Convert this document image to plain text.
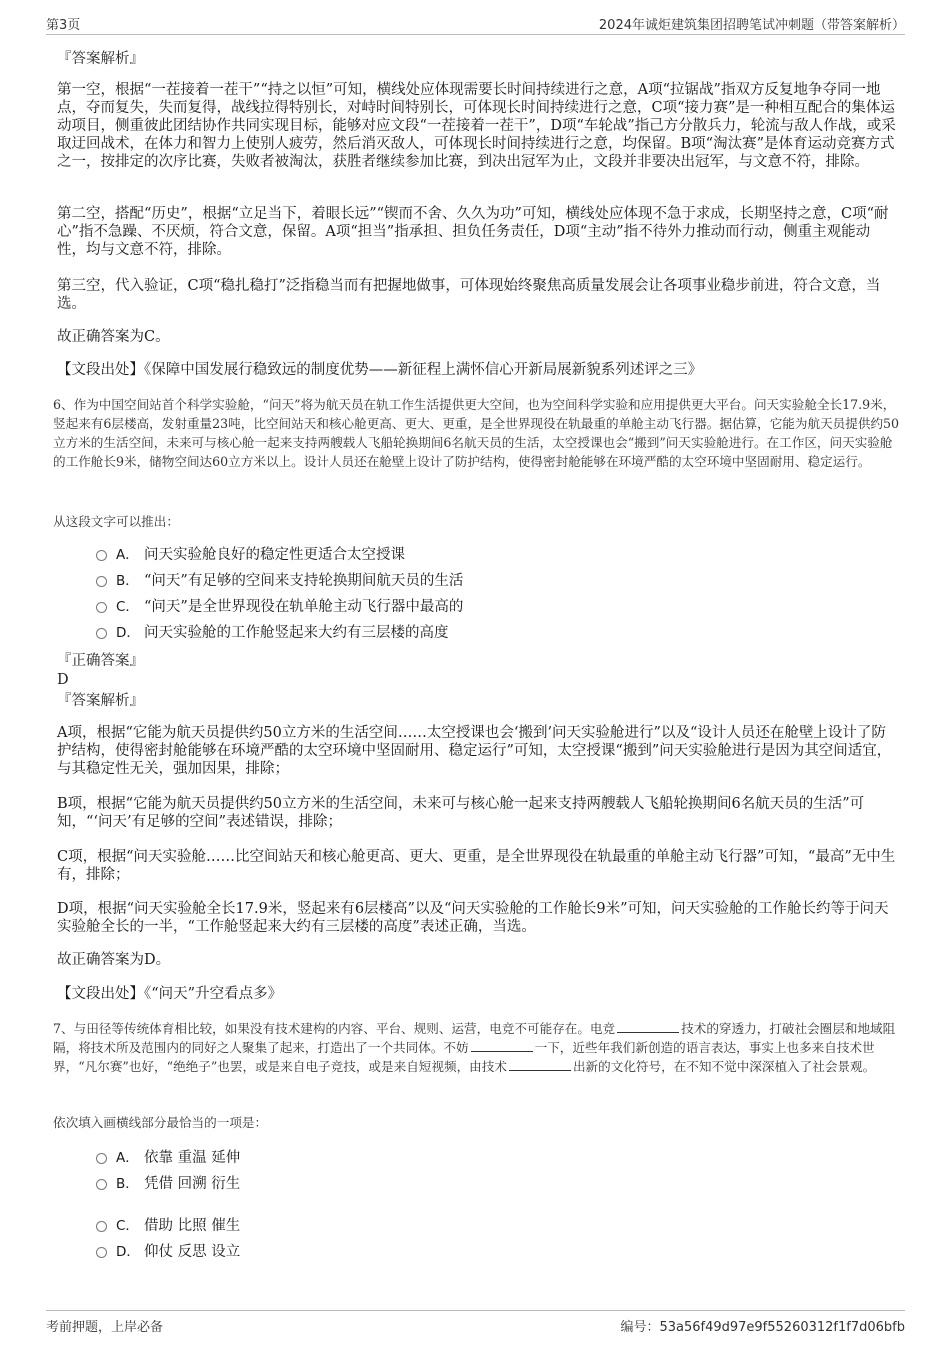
第3页	2024年诚炬建筑集团招聘笔试冲刺题（带答案解析）

『答案解析』

第一空，根据“一茬接着一茬干”“持之以恒”可知，横线处应体现需要长时间持续进行之意，A项“拉锯战”指双方反复地争夺同一地点，夺而复失，失而复得，战线拉得特别长，对峙时间特别长，可体现长时间持续进行之意，C项“接力赛”是一种相互配合的集体运动项目，侧重彼此团结协作共同实现目标，能够对应文段“一茬接着一茬干”，D项“车轮战”指己方分散兵力，轮流与敌人作战，或采取迂回战术，在体力和智力上使别人疲劳，然后消灭敌人，可体现长时间持续进行之意，均保留。B项“淘汰赛”是体育运动竞赛方式之一，按排定的次序比赛，失败者被淘汰，获胜者继续参加比赛，到决出冠军为止，文段并非要决出冠军，与文意不符，排除。

第二空，搭配“历史”，根据“立足当下，着眼长远”“锲而不舍、久久为功”可知，横线处应体现不急于求成，长期坚持之意，C项“耐心”指不急躁、不厌烦，符合文意，保留。A项“担当”指承担、担负任务责任，D项“主动”指不待外力推动而行动，侧重主观能动性，均与文意不符，排除。

第三空，代入验证，C项“稳扎稳打”泛指稳当而有把握地做事，可体现始终聚焦高质量发展会让各项事业稳步前进，符合文意，当选。

故正确答案为C。

【文段出处】《保障中国发展行稳致远的制度优势——新征程上满怀信心开新局展新貌系列述评之三》

6、作为中国空间站首个科学实验舱，“问天”将为航天员在轨工作生活提供更大空间，也为空间科学实验和应用提供更大平台。问天实验舱全长17.9米，竖起来有6层楼高，发射重量23吨，比空间站天和核心舱更高、更大、更重，是全世界现役在轨最重的单舱主动飞行器。据估算，它能为航天员提供约50立方米的生活空间，未来可与核心舱一起来支持两艘载人飞船轮换期间6名航天员的生活，太空授课也会“搬到”问天实验舱进行。在工作区，问天实验舱的工作舱长9米，储物空间达60立方米以上。设计人员还在舱壁上设计了防护结构，使得密封舱能够在环境严酷的太空环境中坚固耐用、稳定运行。

从这段文字可以推出：

A． 问天实验舱良好的稳定性更适合太空授课
B． “问天”有足够的空间来支持轮换期间航天员的生活
C． “问天”是全世界现役在轨单舱主动飞行器中最高的
D． 问天实验舱的工作舱竖起来大约有三层楼的高度

『正确答案』

D

『答案解析』

A项，根据“它能为航天员提供约50立方米的生活空间……太空授课也会‘搬到’问天实验舱进行”以及“设计人员还在舱壁上设计了防护结构，使得密封舱能够在环境严酷的太空环境中坚固耐用、稳定运行”可知，太空授课“搬到”问天实验舱进行是因为其空间适宜，与其稳定性无关，强加因果，排除；

B项，根据“它能为航天员提供约50立方米的生活空间，未来可与核心舱一起来支持两艘载人飞船轮换期间6名航天员的生活”可知，“‘问天’有足够的空间”表述错误，排除；

C项，根据“问天实验舱……比空间站天和核心舱更高、更大、更重，是全世界现役在轨最重的单舱主动飞行器”可知，“最高”无中生有，排除；

D项，根据“问天实验舱全长17.9米，竖起来有6层楼高”以及“问天实验舱的工作舱长9米”可知，问天实验舱的工作舱长约等于问天实验舱全长的一半，“工作舱竖起来大约有三层楼的高度”表述正确，当选。

故正确答案为D。

【文段出处】《“问天”升空看点多》

7、与田径等传统体育相比较，如果没有技术建构的内容、平台、规则、运营，电竞不可能存在。电竞	技术的穿透力，打破社会圈层和地域阻隔，将技术所及范围内的同好之人聚集了起来，打造出了一个共同体。不妨	一下，近些年我们新创造的语言表达，事实上也多来自技术世界，“凡尔赛”也好，“绝绝子”也罢，或是来自电子竞技，或是来自短视频，由技术	出新的文化符号，在不知不觉中深深植入了社会景观。

依次填入画横线部分最恰当的一项是：

A． 依靠 重温 延伸
B． 凭借 回溯 衍生
C． 借助 比照 催生
D． 仰仗 反思 设立
考前押题，上岸必备	编号：53a56f49d97e9f55260312f1f7d06bfb
